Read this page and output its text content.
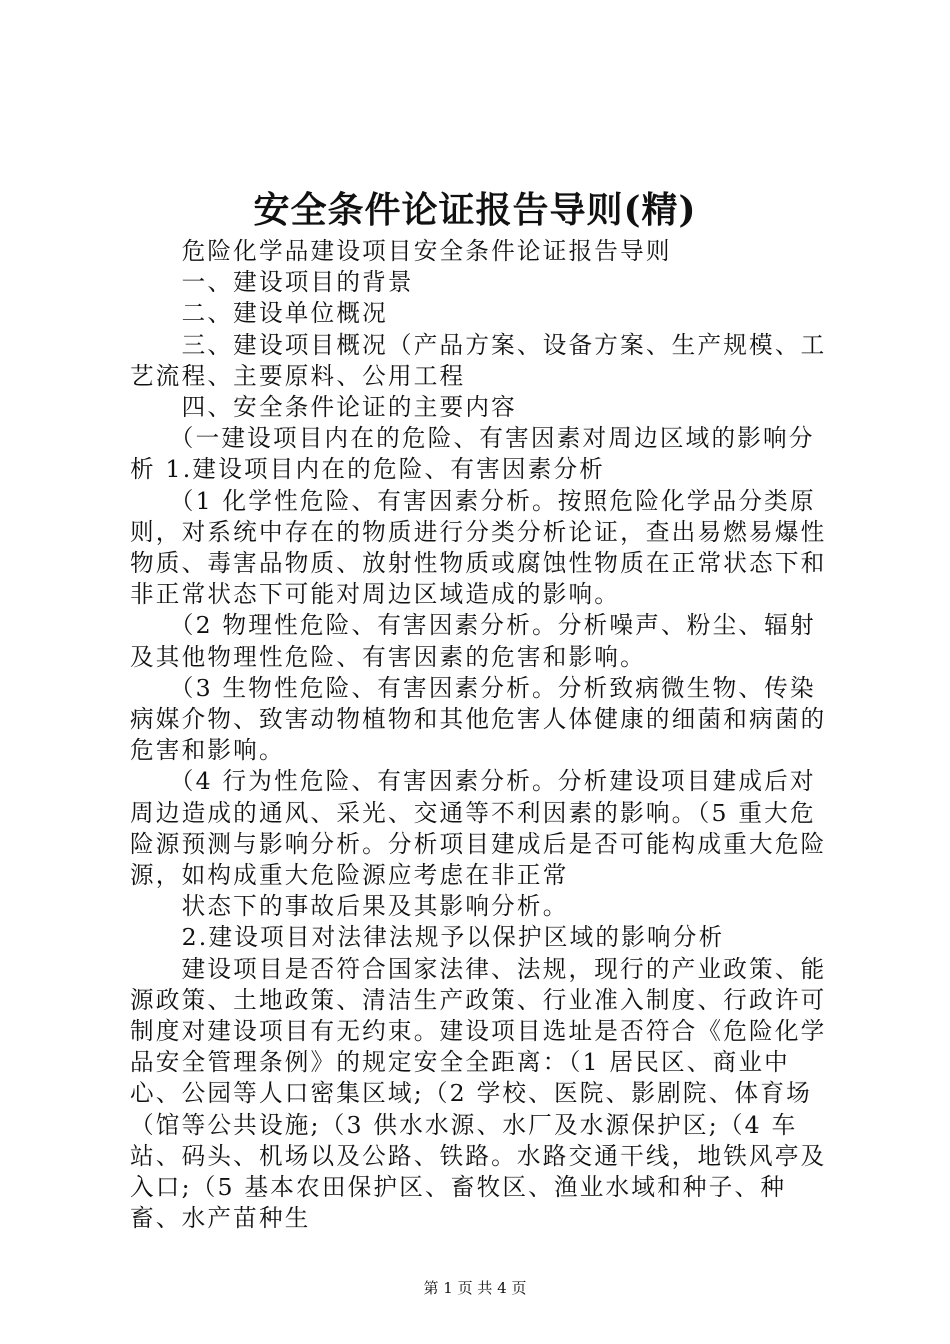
安全条件论证报告导则(精)

　　危险化学品建设项目安全条件论证报告导则

　　一、建设项目的背景

　　二、建设单位概况

　　三、建设项目概况（产品方案、设备方案、生产规模、工艺流程、主要原料、公用工程

　　四、安全条件论证的主要内容

　　（一建设项目内在的危险、有害因素对周边区域的影响分析 1.建设项目内在的危险、有害因素分析

　　（1 化学性危险、有害因素分析。按照危险化学品分类原则，对系统中存在的物质进行分类分析论证，查出易燃易爆性物质、毒害品物质、放射性物质或腐蚀性物质在正常状态下和非正常状态下可能对周边区域造成的影响。

　　（2 物理性危险、有害因素分析。分析噪声、粉尘、辐射及其他物理性危险、有害因素的危害和影响。

　　（3 生物性危险、有害因素分析。分析致病微生物、传染病媒介物、致害动物植物和其他危害人体健康的细菌和病菌的危害和影响。

　　（4 行为性危险、有害因素分析。分析建设项目建成后对周边造成的通风、采光、交通等不利因素的影响。（5 重大危险源预测与影响分析。分析项目建成后是否可能构成重大危险源，如构成重大危险源应考虑在非正常

　　状态下的事故后果及其影响分析。

　　2.建设项目对法律法规予以保护区域的影响分析

　　建设项目是否符合国家法律、法规，现行的产业政策、能源政策、土地政策、清洁生产政策、行业准入制度、行政许可制度对建设项目有无约束。建设项目选址是否符合《危险化学品安全管理条例》的规定安全全距离：（1 居民区、商业中心、公园等人口密集区域;（2 学校、医院、影剧院、体育场（馆等公共设施;（3 供水水源、水厂及水源保护区;（4 车站、码头、机场以及公路、铁路。水路交通干线，地铁风亭及入口;（5 基本农田保护区、畜牧区、渔业水域和种子、种畜、水产苗种生

第 1 页 共 4 页
